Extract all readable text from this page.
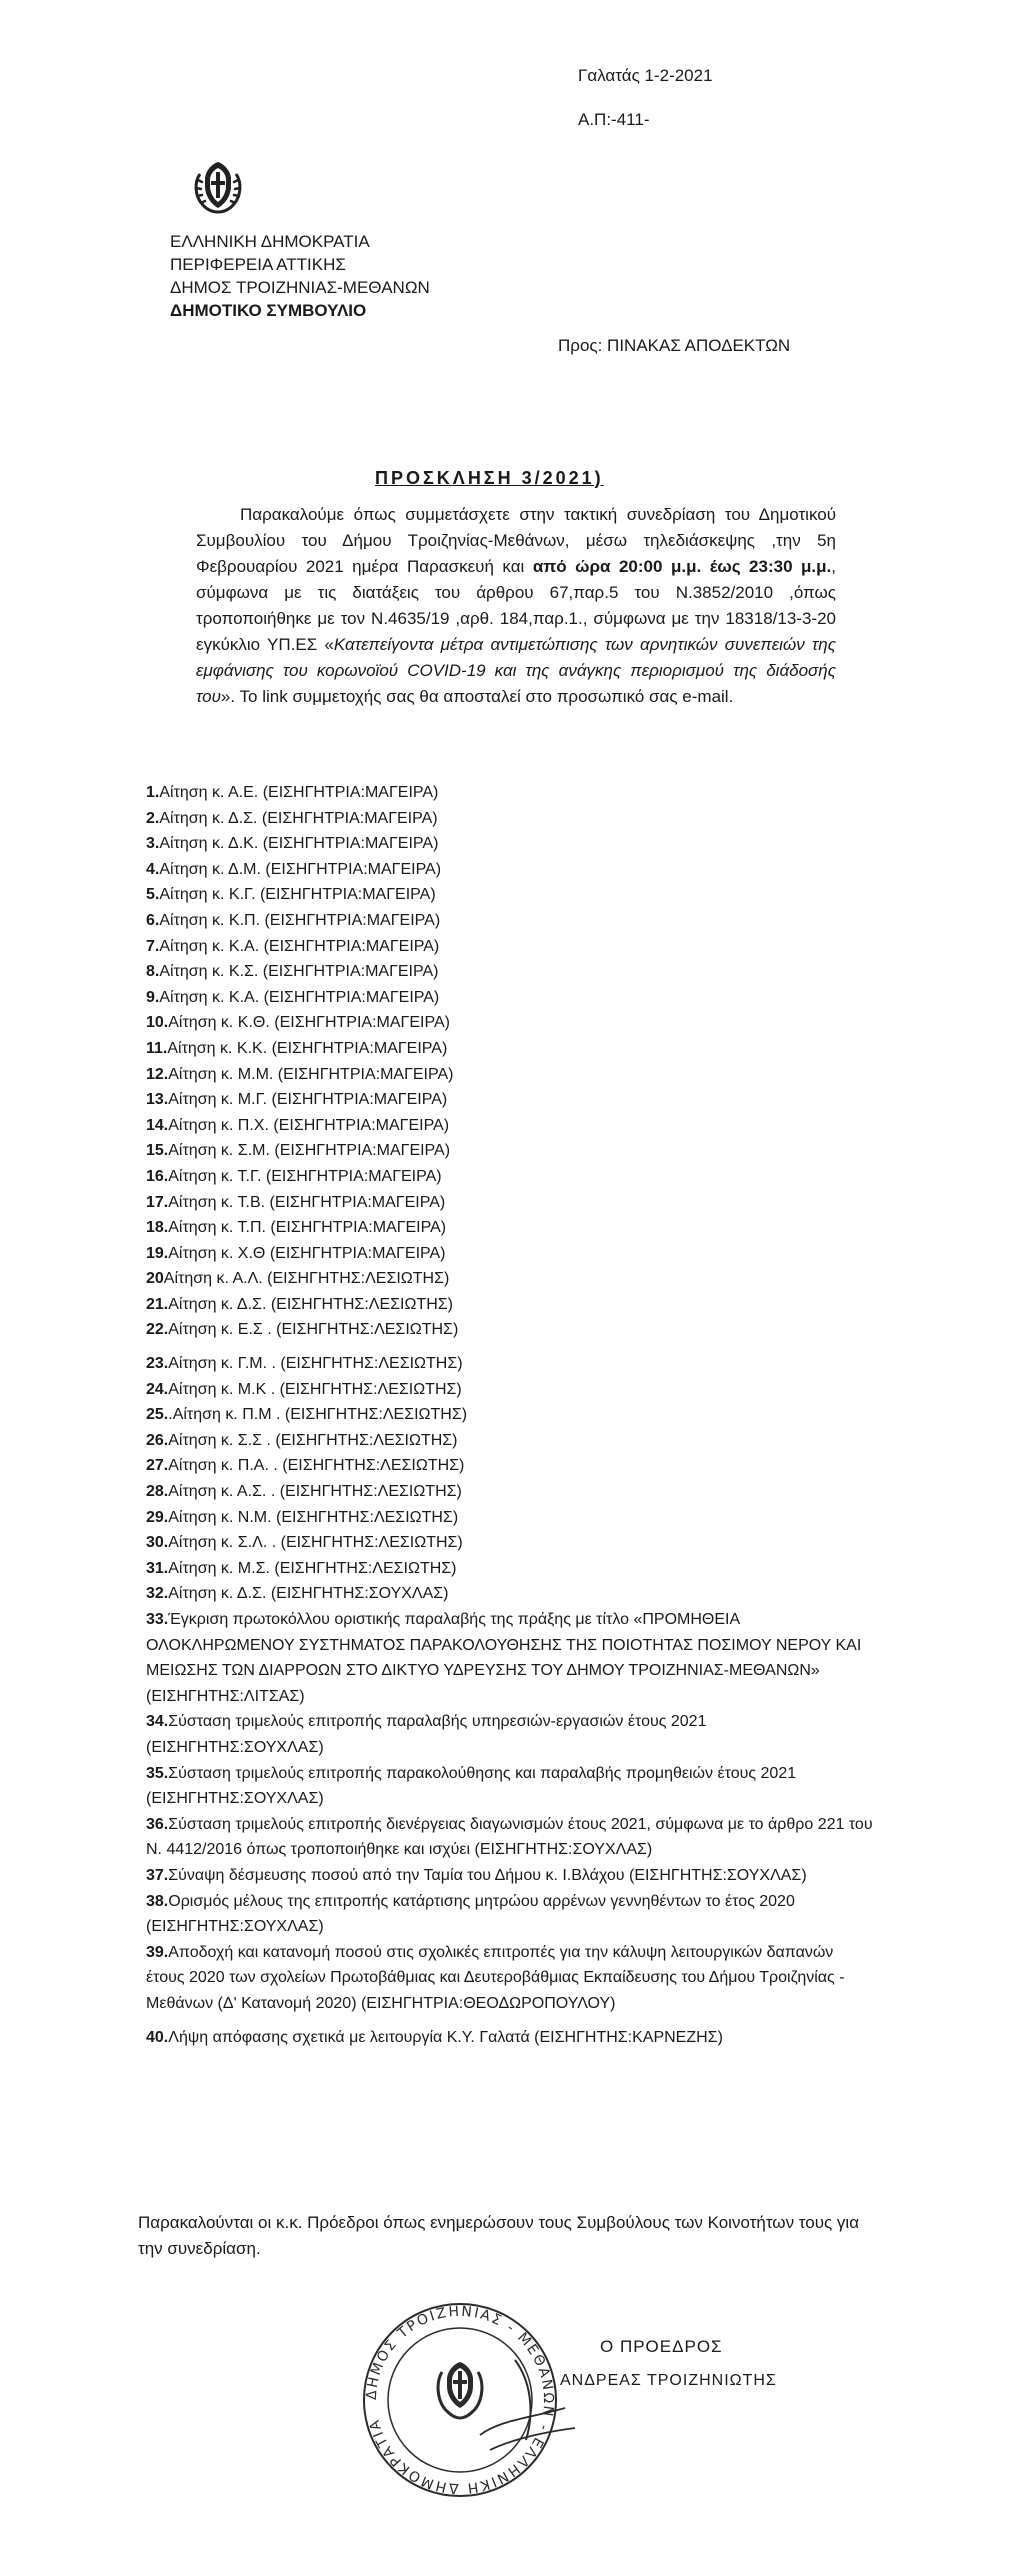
Γαλατάς 1-2-2021
Α.Π:-411-
ΕΛΛΗΝΙΚΗ ΔΗΜΟΚΡΑΤΙΑ
ΠΕΡΙΦΕΡΕΙΑ ΑΤΤΙΚΗΣ
ΔΗΜΟΣ ΤΡΟΙΖΗΝΙΑΣ-ΜΕΘΑΝΩΝ
ΔΗΜΟΤΙΚΟ ΣΥΜΒΟΥΛΙΟ
Προς: ΠΙΝΑΚΑΣ ΑΠΟΔΕΚΤΩΝ
ΠΡΟΣΚΛΗΣΗ 3/2021)

Παρακαλούμε όπως συμμετάσχετε στην τακτική συνεδρίαση του Δημοτικού Συμβουλίου του Δήμου Τροιζηνίας-Μεθάνων, μέσω τηλεδιάσκεψης ,την 5η Φεβρουαρίου 2021 ημέρα Παρασκευή και από ώρα 20:00 μ.μ. έως 23:30 μ.μ., σύμφωνα με τις διατάξεις του άρθρου 67,παρ.5 του Ν.3852/2010 ,όπως τροποποιήθηκε με τον Ν.4635/19 ,αρθ. 184,παρ.1., σύμφωνα με την 18318/13-3-20 εγκύκλιο ΥΠ.ΕΣ «Κατεπείγοντα μέτρα αντιμετώπισης των αρνητικών συνεπειών της εμφάνισης του κορωνοϊού COVID-19 και της ανάγκης περιορισμού της διάδοσής του». Το link συμμετοχής σας θα αποσταλεί στο προσωπικό σας e-mail.

1.Αίτηση κ. Α.Ε. (ΕΙΣΗΓΗΤΡΙΑ:ΜΑΓΕΙΡΑ)
2.Αίτηση κ. Δ.Σ. (ΕΙΣΗΓΗΤΡΙΑ:ΜΑΓΕΙΡΑ)
3.Αίτηση κ. Δ.Κ. (ΕΙΣΗΓΗΤΡΙΑ:ΜΑΓΕΙΡΑ)
4.Αίτηση κ. Δ.Μ. (ΕΙΣΗΓΗΤΡΙΑ:ΜΑΓΕΙΡΑ)
5.Αίτηση κ. Κ.Γ. (ΕΙΣΗΓΗΤΡΙΑ:ΜΑΓΕΙΡΑ)
6.Αίτηση κ. Κ.Π. (ΕΙΣΗΓΗΤΡΙΑ:ΜΑΓΕΙΡΑ)
7.Αίτηση κ. Κ.Α. (ΕΙΣΗΓΗΤΡΙΑ:ΜΑΓΕΙΡΑ)
8.Αίτηση κ. Κ.Σ. (ΕΙΣΗΓΗΤΡΙΑ:ΜΑΓΕΙΡΑ)
9.Αίτηση κ. Κ.Α. (ΕΙΣΗΓΗΤΡΙΑ:ΜΑΓΕΙΡΑ)
10.Αίτηση κ. Κ.Θ. (ΕΙΣΗΓΗΤΡΙΑ:ΜΑΓΕΙΡΑ)
11.Αίτηση κ. Κ.Κ. (ΕΙΣΗΓΗΤΡΙΑ:ΜΑΓΕΙΡΑ)
12.Αίτηση κ. Μ.Μ. (ΕΙΣΗΓΗΤΡΙΑ:ΜΑΓΕΙΡΑ)
13.Αίτηση κ. Μ.Γ. (ΕΙΣΗΓΗΤΡΙΑ:ΜΑΓΕΙΡΑ)
14.Αίτηση κ. Π.Χ. (ΕΙΣΗΓΗΤΡΙΑ:ΜΑΓΕΙΡΑ)
15.Αίτηση κ. Σ.Μ. (ΕΙΣΗΓΗΤΡΙΑ:ΜΑΓΕΙΡΑ)
16.Αίτηση κ. Τ.Γ. (ΕΙΣΗΓΗΤΡΙΑ:ΜΑΓΕΙΡΑ)
17.Αίτηση κ. Τ.Β. (ΕΙΣΗΓΗΤΡΙΑ:ΜΑΓΕΙΡΑ)
18.Αίτηση κ. Τ.Π. (ΕΙΣΗΓΗΤΡΙΑ:ΜΑΓΕΙΡΑ)
19.Αίτηση κ. Χ.Θ (ΕΙΣΗΓΗΤΡΙΑ:ΜΑΓΕΙΡΑ)
20Αίτηση κ. Α.Λ. (ΕΙΣΗΓΗΤΗΣ:ΛΕΣΙΩΤΗΣ)
21.Αίτηση κ. Δ.Σ. (ΕΙΣΗΓΗΤΗΣ:ΛΕΣΙΩΤΗΣ)
22.Αίτηση κ. Ε.Σ . (ΕΙΣΗΓΗΤΗΣ:ΛΕΣΙΩΤΗΣ)
23.Αίτηση κ. Γ.Μ. . (ΕΙΣΗΓΗΤΗΣ:ΛΕΣΙΩΤΗΣ)
24.Αίτηση κ. Μ.Κ . (ΕΙΣΗΓΗΤΗΣ:ΛΕΣΙΩΤΗΣ)
25..Αίτηση κ. Π.Μ . (ΕΙΣΗΓΗΤΗΣ:ΛΕΣΙΩΤΗΣ)
26.Αίτηση κ. Σ.Σ . (ΕΙΣΗΓΗΤΗΣ:ΛΕΣΙΩΤΗΣ)
27.Αίτηση κ. Π.Α. . (ΕΙΣΗΓΗΤΗΣ:ΛΕΣΙΩΤΗΣ)
28.Αίτηση κ. Α.Σ. . (ΕΙΣΗΓΗΤΗΣ:ΛΕΣΙΩΤΗΣ)
29.Αίτηση κ. Ν.Μ. (ΕΙΣΗΓΗΤΗΣ:ΛΕΣΙΩΤΗΣ)
30.Αίτηση κ. Σ.Λ. . (ΕΙΣΗΓΗΤΗΣ:ΛΕΣΙΩΤΗΣ)
31.Αίτηση κ. Μ.Σ. (ΕΙΣΗΓΗΤΗΣ:ΛΕΣΙΩΤΗΣ)
32.Αίτηση κ. Δ.Σ. (ΕΙΣΗΓΗΤΗΣ:ΣΟΥΧΛΑΣ)
33.Έγκριση πρωτοκόλλου οριστικής παραλαβής της πράξης με τίτλο «ΠΡΟΜΗΘΕΙΑ ΟΛΟΚΛΗΡΩΜΕΝΟΥ ΣΥΣΤΗΜΑΤΟΣ ΠΑΡΑΚΟΛΟΥΘΗΣΗΣ ΤΗΣ ΠΟΙΟΤΗΤΑΣ ΠΟΣΙΜΟΥ ΝΕΡΟΥ ΚΑΙ ΜΕΙΩΣΗΣ ΤΩΝ ΔΙΑΡΡΟΩΝ ΣΤΟ ΔΙΚΤΥΟ ΥΔΡΕΥΣΗΣ ΤΟΥ ΔΗΜΟΥ ΤΡΟΙΖΗΝΙΑΣ-ΜΕΘΑΝΩΝ» (ΕΙΣΗΓΗΤΗΣ:ΛΙΤΣΑΣ)
34.Σύσταση τριμελούς επιτροπής παραλαβής υπηρεσιών-εργασιών έτους 2021 (ΕΙΣΗΓΗΤΗΣ:ΣΟΥΧΛΑΣ)
35.Σύσταση τριμελούς επιτροπής παρακολούθησης και παραλαβής προμηθειών έτους 2021 (ΕΙΣΗΓΗΤΗΣ:ΣΟΥΧΛΑΣ)
36.Σύσταση τριμελούς επιτροπής διενέργειας διαγωνισμών έτους 2021, σύμφωνα με το άρθρο 221 του Ν. 4412/2016 όπως τροποποιήθηκε και ισχύει (ΕΙΣΗΓΗΤΗΣ:ΣΟΥΧΛΑΣ)
37.Σύναψη δέσμευσης ποσού από την Ταμία του Δήμου κ. Ι.Βλάχου (ΕΙΣΗΓΗΤΗΣ:ΣΟΥΧΛΑΣ)
38.Ορισμός μέλους της επιτροπής κατάρτισης μητρώου αρρένων γεννηθέντων το έτος 2020 (ΕΙΣΗΓΗΤΗΣ:ΣΟΥΧΛΑΣ)
39.Αποδοχή και κατανομή ποσού στις σχολικές επιτροπές για την κάλυψη λειτουργικών δαπανών έτους 2020 των σχολείων Πρωτοβάθμιας και Δευτεροβάθμιας Εκπαίδευσης του Δήμου Τροιζηνίας - Μεθάνων (Δ' Κατανομή 2020) (ΕΙΣΗΓΗΤΡΙΑ:ΘΕΟΔΩΡΟΠΟΥΛΟΥ)
40.Λήψη απόφασης σχετικά με λειτουργία Κ.Υ. Γαλατά (ΕΙΣΗΓΗΤΗΣ:ΚΑΡΝΕΖΗΣ)
Παρακαλούνται οι κ.κ. Πρόεδροι όπως ενημερώσουν τους Συμβούλους των Κοινοτήτων τους για την συνεδρίαση.
ΔΗΜΟΣ ΤΡΟΙΖΗΝΙΑΣ - ΜΕΘΑΝΩΝ - ΕΛΛΗΝΙΚΗ ΔΗΜΟΚΡΑΤΙΑ
Ο ΠΡΟΕΔΡΟΣ
ΑΝΔΡΕΑΣ ΤΡΟΙΖΗΝΙΩΤΗΣ
